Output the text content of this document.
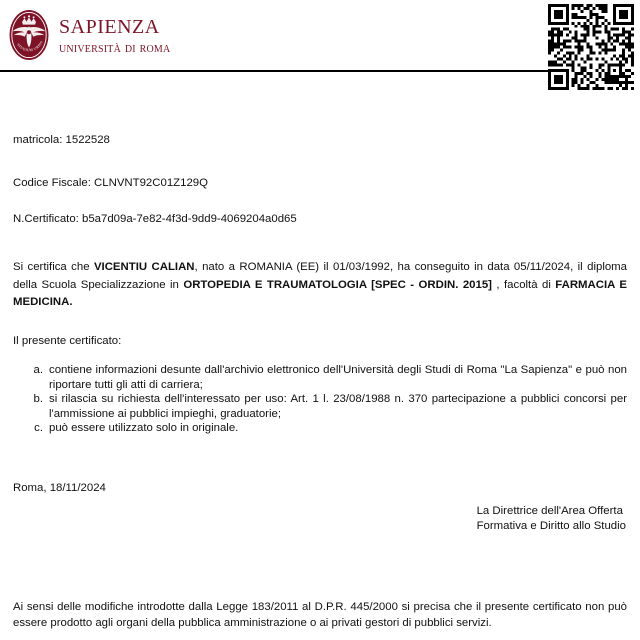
STUDIUM URBIS
sapienza
università di roma
matricola: 1522528
Codice Fiscale: CLNVNT92C01Z129Q
N.Certificato: b5a7d09a-7e82-4f3d-9dd9-4069204a0d65
Si certifica che VICENTIU CALIAN, nato a ROMANIA (EE) il 01/03/1992, ha conseguito in data 05/11/2024, il diploma della Scuola Specializzazione in ORTOPEDIA E TRAUMATOLOGIA [SPEC - ORDIN. 2015] , facoltà di FARMACIA E MEDICINA.
Il presente certificato:
a. contiene informazioni desunte dall'archivio elettronico dell'Università degli Studi di Roma "La Sapienza" e può non riportare tutti gli atti di carriera;
b. si rilascia su richiesta dell'interessato per uso: Art. 1 l. 23/08/1988 n. 370 partecipazione a pubblici concorsi per l'ammissione ai pubblici impieghi, graduatorie;
c. può essere utilizzato solo in originale.
Roma, 18/11/2024
La Direttrice dell'Area Offerta
Formativa e Diritto allo Studio
Ai sensi delle modifiche introdotte dalla Legge 183/2011 al D.P.R. 445/2000 si precisa che il presente certificato non può essere prodotto agli organi della pubblica amministrazione o ai privati gestori di pubblici servizi.
